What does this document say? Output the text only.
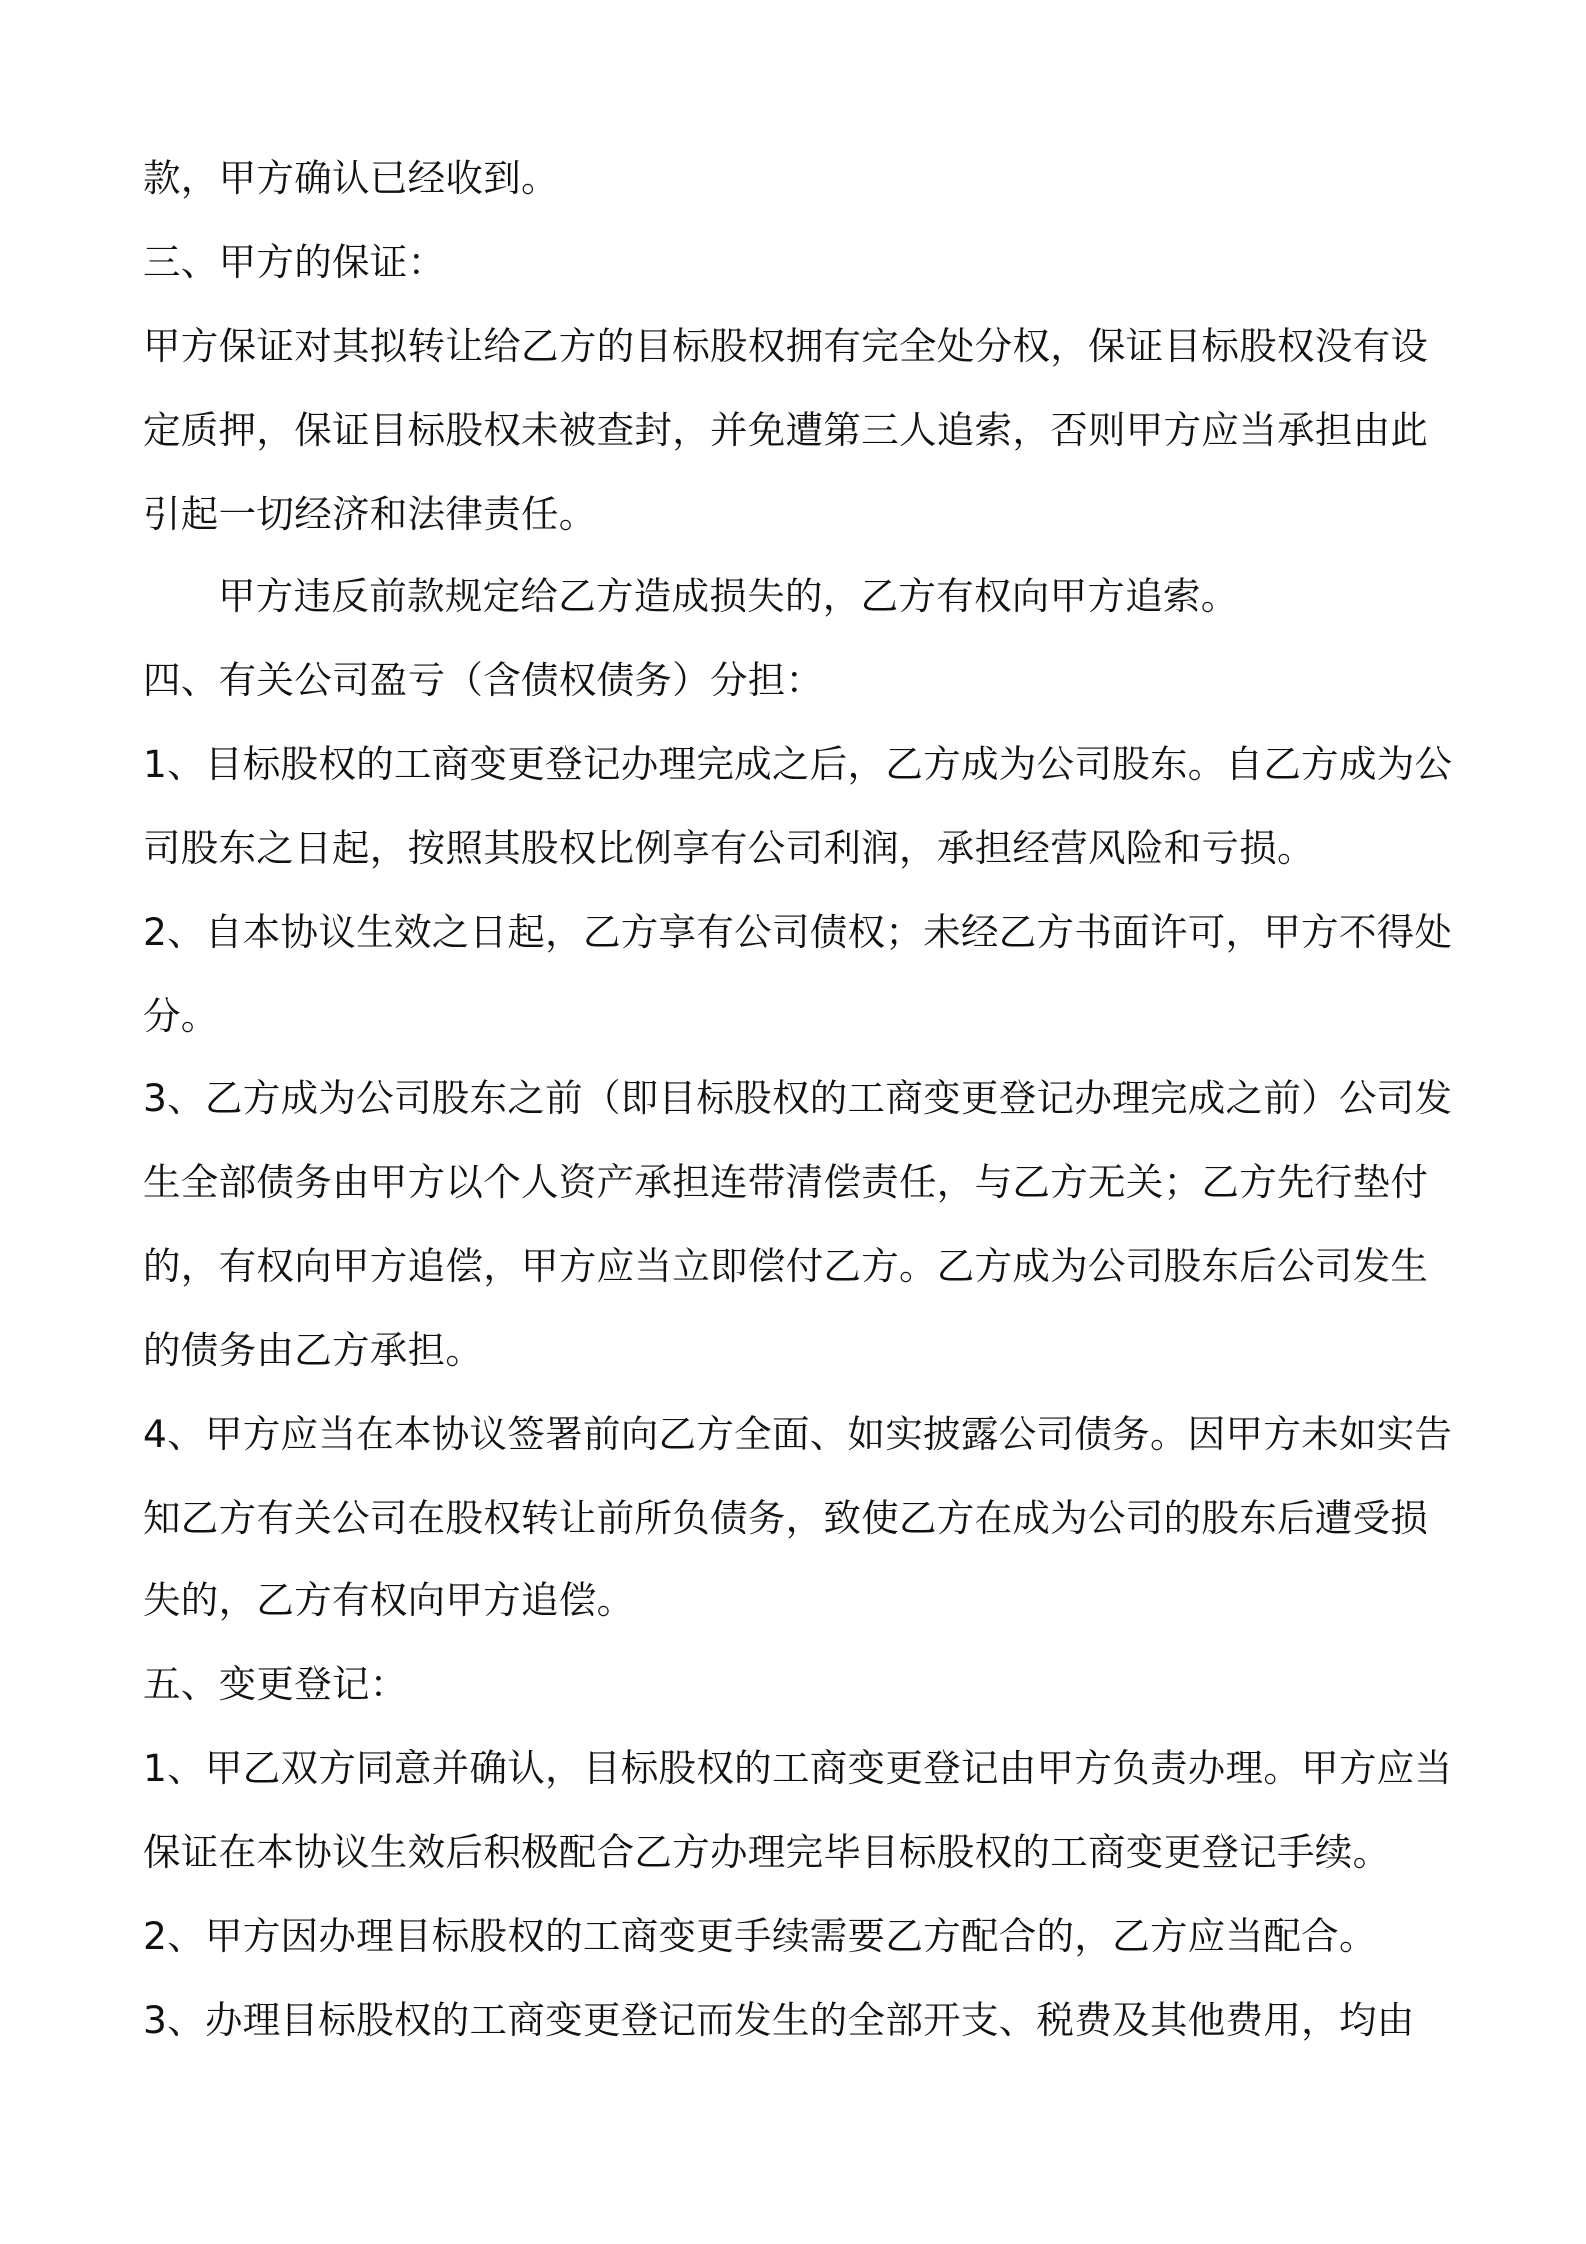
款，甲方确认已经收到。
三、甲方的保证：
甲方保证对其拟转让给乙方的目标股权拥有完全处分权，保证目标股权没有设
定质押，保证目标股权未被查封，并免遭第三人追索，否则甲方应当承担由此
引起一切经济和法律责任。
甲方违反前款规定给乙方造成损失的，乙方有权向甲方追索。
四、有关公司盈亏（含债权债务）分担：
1、目标股权的工商变更登记办理完成之后，乙方成为公司股东。自乙方成为公
司股东之日起，按照其股权比例享有公司利润，承担经营风险和亏损。
2、自本协议生效之日起，乙方享有公司债权；未经乙方书面许可，甲方不得处
分。
3、乙方成为公司股东之前（即目标股权的工商变更登记办理完成之前）公司发
生全部债务由甲方以个人资产承担连带清偿责任，与乙方无关；乙方先行垫付
的，有权向甲方追偿，甲方应当立即偿付乙方。乙方成为公司股东后公司发生
的债务由乙方承担。
4、甲方应当在本协议签署前向乙方全面、如实披露公司债务。因甲方未如实告
知乙方有关公司在股权转让前所负债务，致使乙方在成为公司的股东后遭受损
失的，乙方有权向甲方追偿。
五、变更登记：
1、甲乙双方同意并确认，目标股权的工商变更登记由甲方负责办理。甲方应当
保证在本协议生效后积极配合乙方办理完毕目标股权的工商变更登记手续。
2、甲方因办理目标股权的工商变更手续需要乙方配合的，乙方应当配合。
3、办理目标股权的工商变更登记而发生的全部开支、税费及其他费用，均由
